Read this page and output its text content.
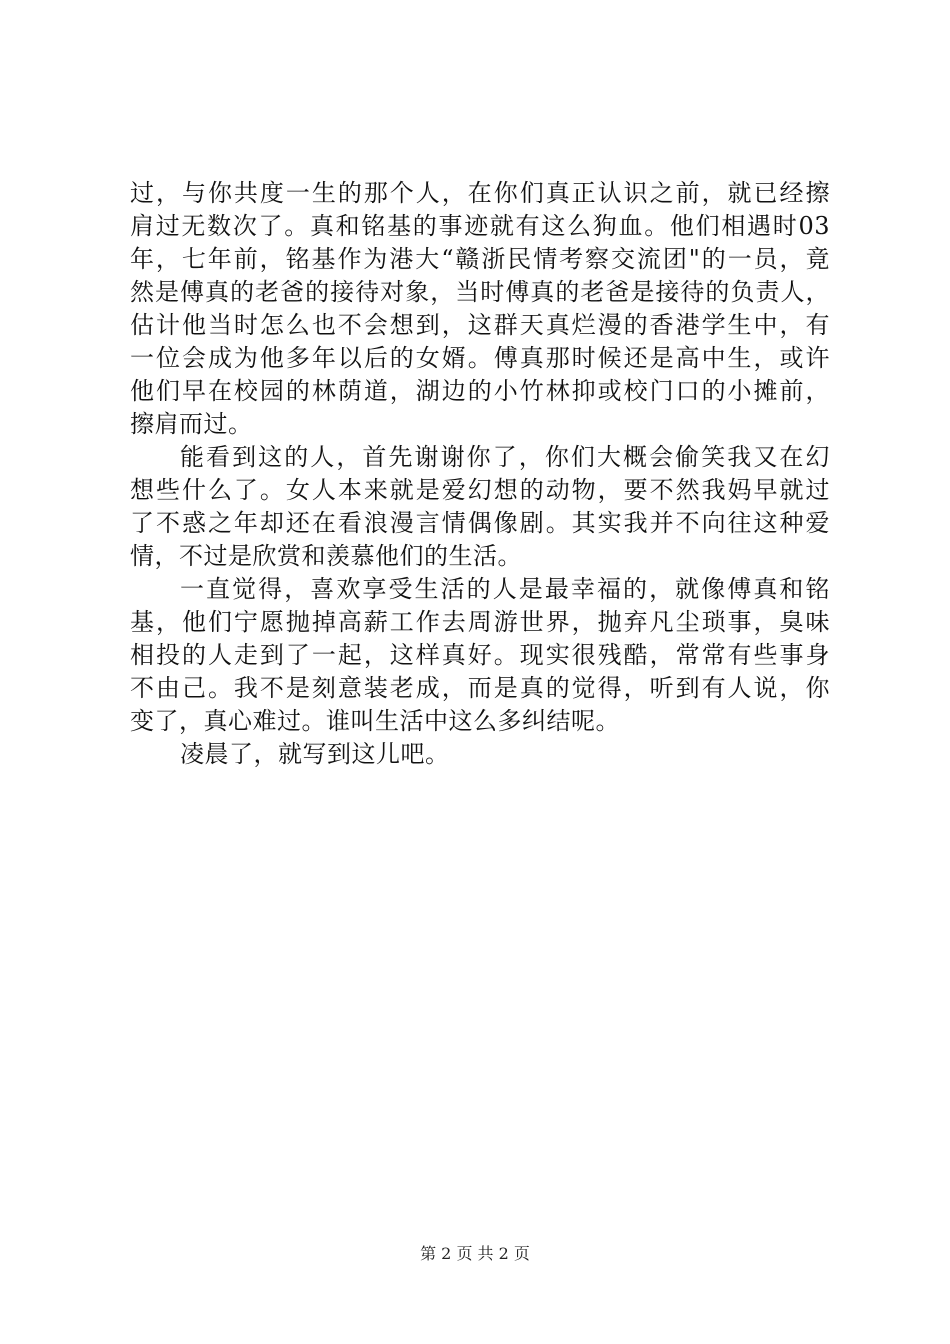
过，与你共度一生的那个人，在你们真正认识之前，就已经擦
肩过无数次了。真和铭基的事迹就有这么狗血。他们相遇时03
年，七年前，铭基作为港大“赣浙民情考察交流团"的一员，竟
然是傅真的老爸的接待对象，当时傅真的老爸是接待的负责人，
估计他当时怎么也不会想到，这群天真烂漫的香港学生中，有
一位会成为他多年以后的女婿。傅真那时候还是高中生，或许
他们早在校园的林荫道，湖边的小竹林抑或校门口的小摊前，
擦肩而过。
能看到这的人，首先谢谢你了，你们大概会偷笑我又在幻
想些什么了。女人本来就是爱幻想的动物，要不然我妈早就过
了不惑之年却还在看浪漫言情偶像剧。其实我并不向往这种爱
情，不过是欣赏和羡慕他们的生活。
一直觉得，喜欢享受生活的人是最幸福的，就像傅真和铭
基，他们宁愿抛掉高薪工作去周游世界，抛弃凡尘琐事，臭味
相投的人走到了一起，这样真好。现实很残酷，常常有些事身
不由己。我不是刻意装老成，而是真的觉得，听到有人说，你
变了，真心难过。谁叫生活中这么多纠结呢。
凌晨了，就写到这儿吧。
第 2 页 共 2 页
